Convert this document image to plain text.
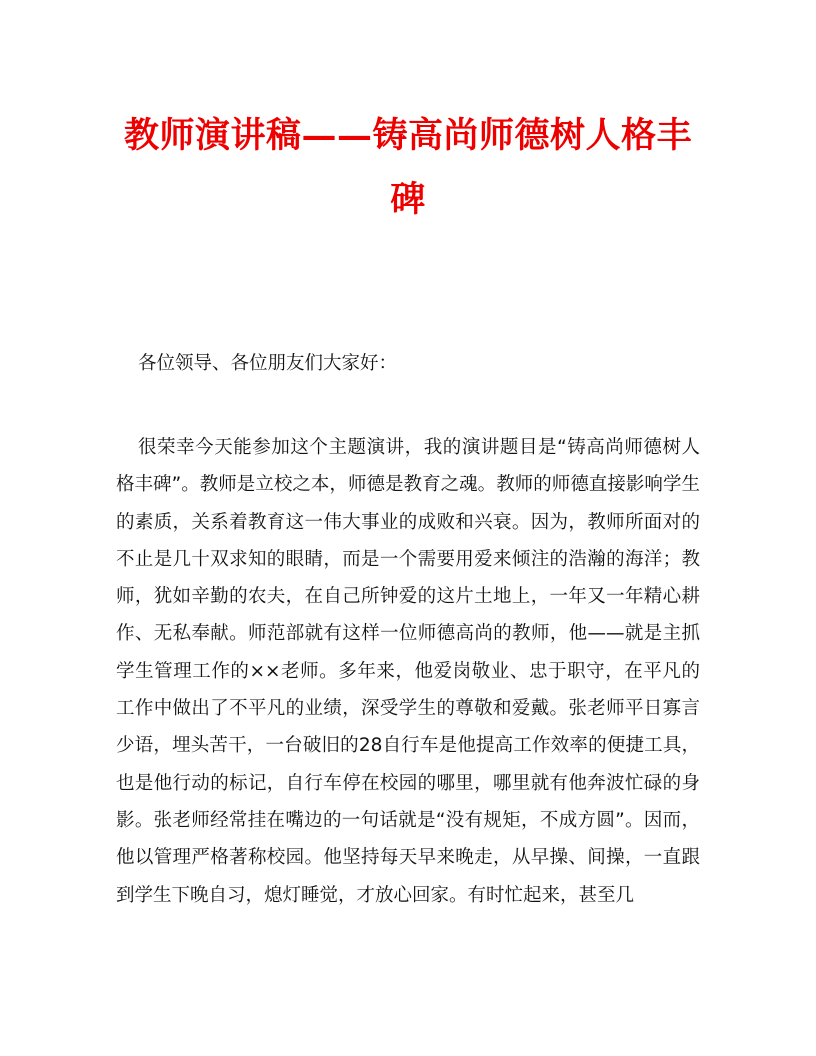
教师演讲稿——铸高尚师德树人格丰碑

各位领导、各位朋友们大家好：

很荣幸今天能参加这个主题演讲，我的演讲题目是“铸高尚师德树人格丰碑”。教师是立校之本，师德是教育之魂。教师的师德直接影响学生的素质，关系着教育这一伟大事业的成败和兴衰。因为，教师所面对的不止是几十双求知的眼睛，而是一个需要用爱来倾注的浩瀚的海洋；教师，犹如辛勤的农夫，在自己所钟爱的这片土地上，一年又一年精心耕作、无私奉献。师范部就有这样一位师德高尚的教师，他——就是主抓学生管理工作的××老师。多年来，他爱岗敬业、忠于职守，在平凡的工作中做出了不平凡的业绩，深受学生的尊敬和爱戴。张老师平日寡言少语，埋头苦干，一台破旧的28自行车是他提高工作效率的便捷工具，也是他行动的标记，自行车停在校园的哪里，哪里就有他奔波忙碌的身影。张老师经常挂在嘴边的一句话就是“没有规矩，不成方圆”。因而，他以管理严格著称校园。他坚持每天早来晚走，从早操、间操，一直跟到学生下晚自习，熄灯睡觉，才放心回家。有时忙起来，甚至几
